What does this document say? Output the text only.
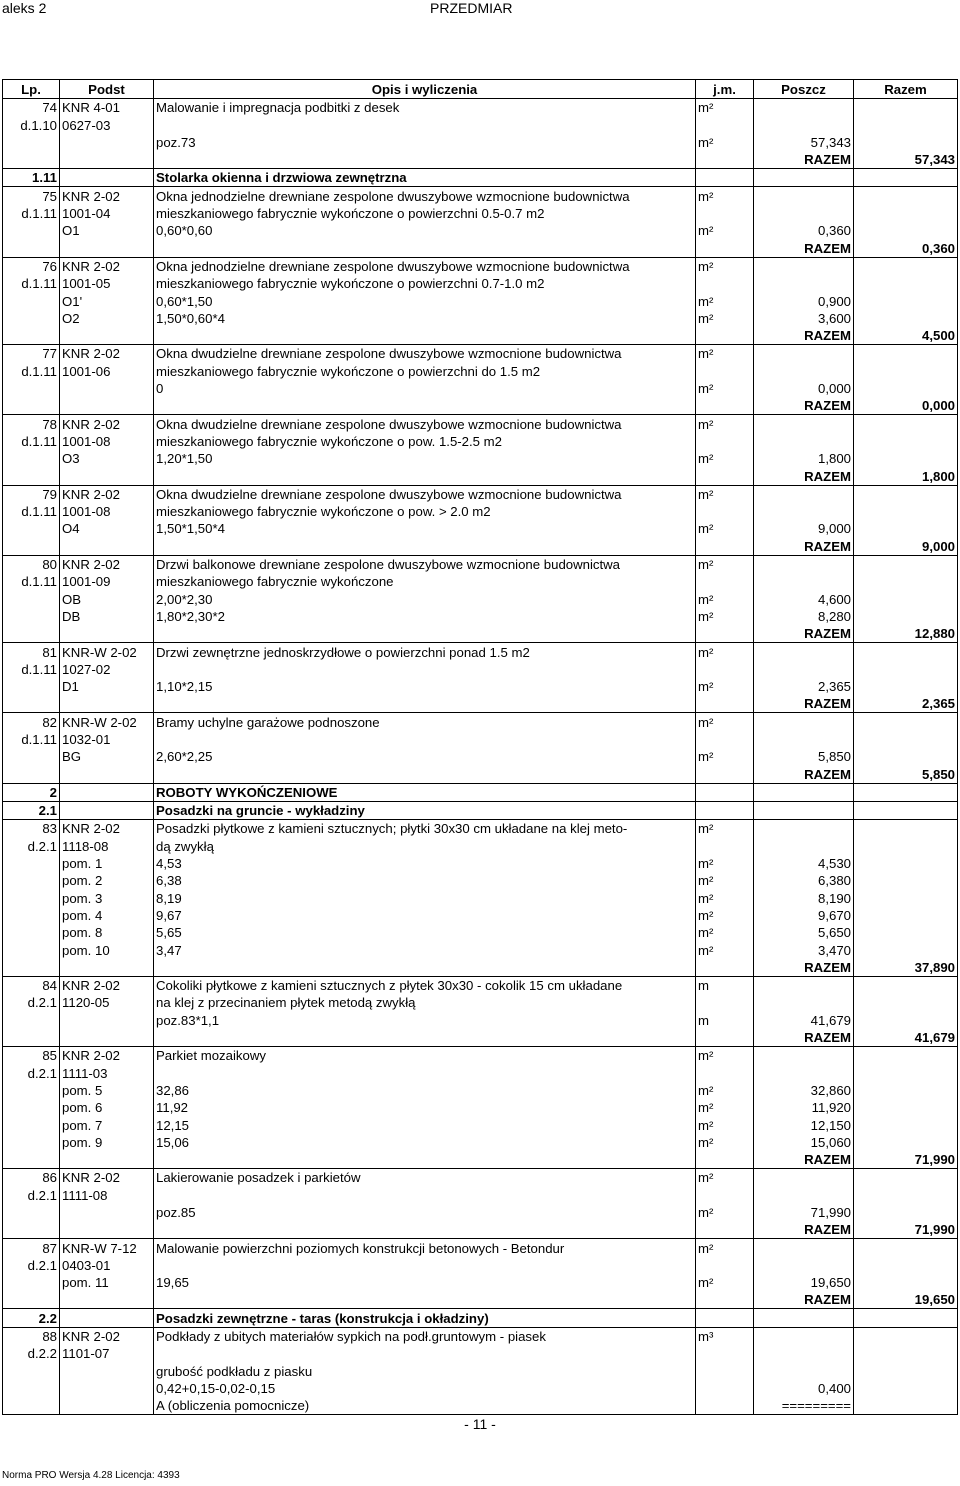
aleks 2	PRZEDMIAR
Lp.	Podst	Opis i wyliczenia	j.m.	Poszcz	Razem
74	KNR 4-01	Malowanie i impregnacja podbitki z desek	m²		
d.1.10	0627-03				
		poz.73	m²	57,343	
				RAZEM	57,343
1.11		Stolarka okienna i drzwiowa zewnętrzna			
75	KNR 2-02	Okna jednodzielne drewniane zespolone dwuszybowe wzmocnione budownictwa	m²		
d.1.11	1001-04	mieszkaniowego fabrycznie wykończone o powierzchni 0.5-0.7 m2			
	O1	0,60*0,60	m²	0,360	
				RAZEM	0,360
76	KNR 2-02	Okna jednodzielne drewniane zespolone dwuszybowe wzmocnione budownictwa	m²		
d.1.11	1001-05	mieszkaniowego fabrycznie wykończone o powierzchni 0.7-1.0 m2			
	O1'	0,60*1,50	m²	0,900	
	O2	1,50*0,60*4	m²	3,600	
				RAZEM	4,500
77	KNR 2-02	Okna dwudzielne drewniane zespolone dwuszybowe wzmocnione budownictwa	m²		
d.1.11	1001-06	mieszkaniowego fabrycznie wykończone o powierzchni do 1.5 m2			
		0	m²	0,000	
				RAZEM	0,000
78	KNR 2-02	Okna dwudzielne drewniane zespolone dwuszybowe wzmocnione budownictwa	m²		
d.1.11	1001-08	mieszkaniowego fabrycznie wykończone o pow. 1.5-2.5 m2			
	O3	1,20*1,50	m²	1,800	
				RAZEM	1,800
79	KNR 2-02	Okna dwudzielne drewniane zespolone dwuszybowe wzmocnione budownictwa	m²		
d.1.11	1001-08	mieszkaniowego fabrycznie wykończone o pow. > 2.0 m2			
	O4	1,50*1,50*4	m²	9,000	
				RAZEM	9,000
80	KNR 2-02	Drzwi balkonowe drewniane zespolone dwuszybowe wzmocnione budownictwa	m²		
d.1.11	1001-09	mieszkaniowego fabrycznie wykończone			
	OB	2,00*2,30	m²	4,600	
	DB	1,80*2,30*2	m²	8,280	
				RAZEM	12,880
81	KNR-W 2-02	Drzwi zewnętrzne jednoskrzydłowe o powierzchni ponad 1.5 m2	m²		
d.1.11	1027-02				
	D1	1,10*2,15	m²	2,365	
				RAZEM	2,365
82	KNR-W 2-02	Bramy uchylne garażowe podnoszone	m²		
d.1.11	1032-01				
	BG	2,60*2,25	m²	5,850	
				RAZEM	5,850
2		ROBOTY WYKOŃCZENIOWE			
2.1		Posadzki na gruncie - wykładziny			
83	KNR 2-02	Posadzki płytkowe z kamieni sztucznych; płytki 30x30 cm układane na klej meto-	m²		
d.2.1	1118-08	dą zwykłą			
	pom. 1	4,53	m²	4,530	
	pom. 2	6,38	m²	6,380	
	pom. 3	8,19	m²	8,190	
	pom. 4	9,67	m²	9,670	
	pom. 8	5,65	m²	5,650	
	pom. 10	3,47	m²	3,470	
				RAZEM	37,890
84	KNR 2-02	Cokoliki płytkowe z kamieni sztucznych z płytek 30x30 - cokolik 15 cm układane	m		
d.2.1	1120-05	na klej z przecinaniem płytek metodą zwykłą			
		poz.83*1,1	m	41,679	
				RAZEM	41,679
85	KNR 2-02	Parkiet mozaikowy	m²		
d.2.1	1111-03				
	pom. 5	32,86	m²	32,860	
	pom. 6	11,92	m²	11,920	
	pom. 7	12,15	m²	12,150	
	pom. 9	15,06	m²	15,060	
				RAZEM	71,990
86	KNR 2-02	Lakierowanie posadzek i parkietów	m²		
d.2.1	1111-08				
		poz.85	m²	71,990	
				RAZEM	71,990
87	KNR-W 7-12	Malowanie powierzchni poziomych konstrukcji betonowych - Betondur	m²		
d.2.1	0403-01				
	pom. 11	19,65	m²	19,650	
				RAZEM	19,650
2.2		Posadzki zewnętrzne - taras (konstrukcja i okładziny)			
88	KNR 2-02	Podkłady z ubitych materiałów sypkich na podł.gruntowym - piasek	m³		
d.2.2	1101-07				
		grubość podkładu z piasku			
		0,42+0,15-0,02-0,15		0,400	
		A (obliczenia pomocnicze)		=========	
- 11 -
Norma PRO Wersja 4.28 Licencja: 4393
